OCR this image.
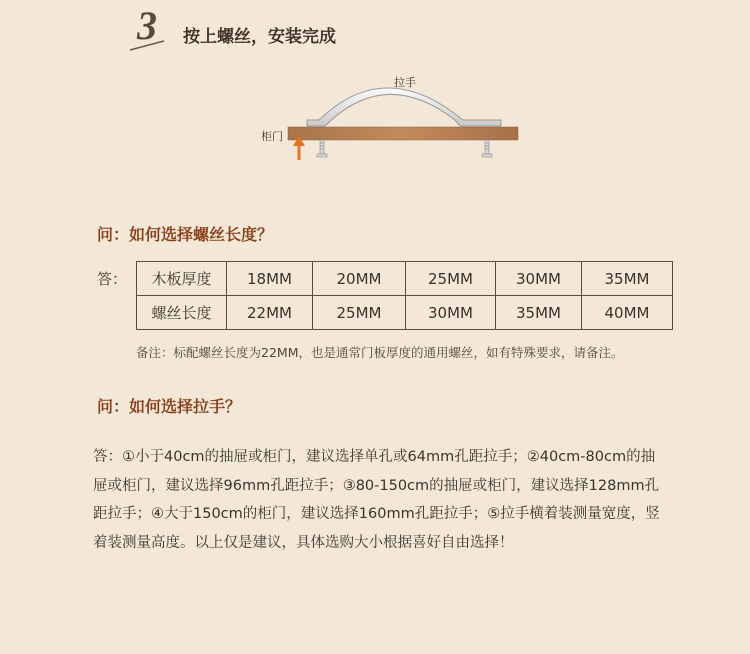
3 按上螺丝，安装完成
拉手
柜门
问：如何选择螺丝长度？
答： 木板厚度	18MM	20MM	25MM	30MM	35MM
螺丝长度	22MM	25MM	30MM	35MM	40MM
备注：标配螺丝长度为22MM，也是通常门板厚度的通用螺丝，如有特殊要求，请备注。
问：如何选择拉手？
答：①小于40cm的抽屉或柜门，建议选择单孔或64mm孔距拉手；②40cm-80cm的抽
屉或柜门，建议选择96mm孔距拉手；③80-150cm的抽屉或柜门，建议选择128mm孔
距拉手；④大于150cm的柜门，建议选择160mm孔距拉手；⑤拉手横着装测量宽度，竖
着装测量高度。以上仅是建议，具体选购大小根据喜好自由选择！
